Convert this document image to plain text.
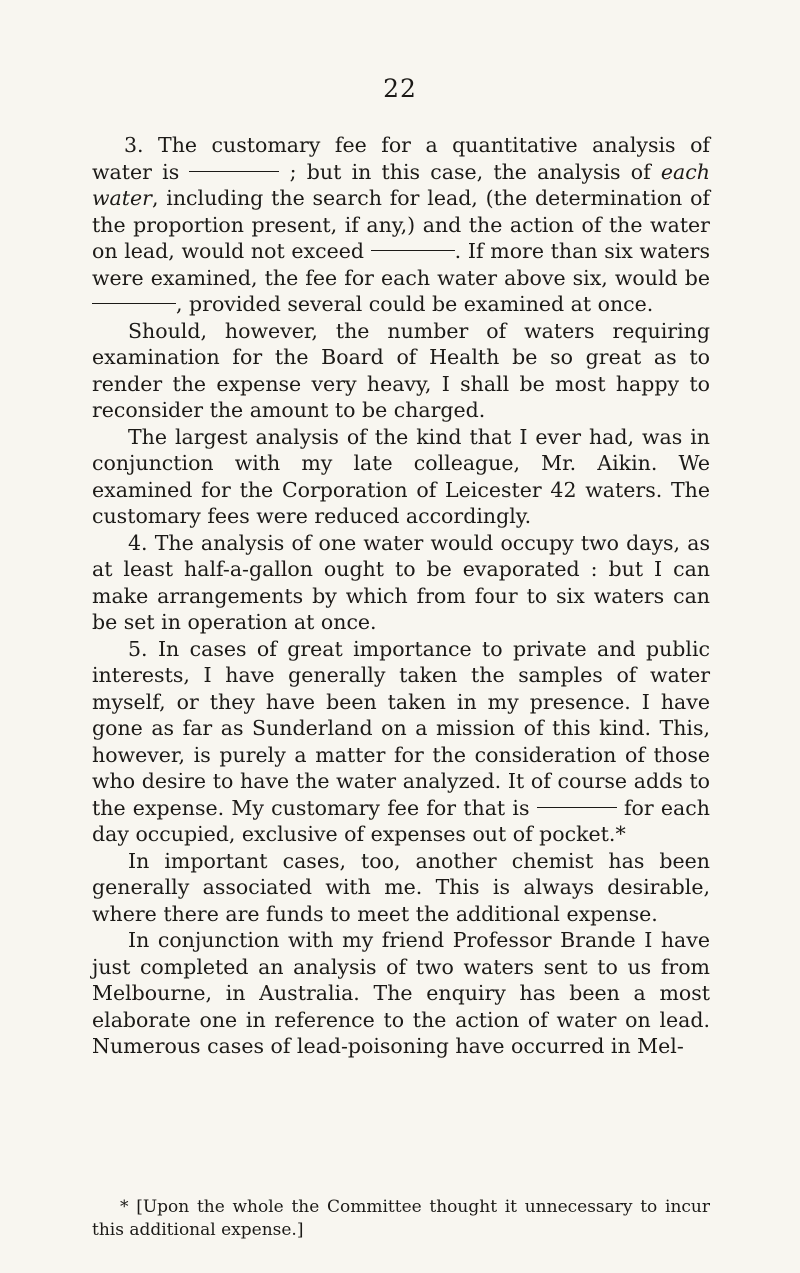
22

3. The customary fee for a quantitative analysis of water is	; but in this case, the analysis of each water, including the search for lead, (the determination of the proportion present, if any,) and the action of the water on lead, would not exceed	. If more than six waters were examined, the fee for each water above six, would be , provided several could be examined at once.

Should, however, the number of waters requiring examination for the Board of Health be so great as to render the expense very heavy, I shall be most happy to reconsider the amount to be charged.

The largest analysis of the kind that I ever had, was in conjunction with my late colleague, Mr. Aikin. We examined for the Corporation of Leicester 42 waters. The customary fees were reduced accordingly.

4. The analysis of one water would occupy two days, as at least half-a-gallon ought to be evaporated : but I can make arrangements by which from four to six waters can be set in operation at once.

5. In cases of great importance to private and public interests, I have generally taken the samples of water myself, or they have been taken in my presence. I have gone as far as Sunderland on a mission of this kind. This, however, is purely a matter for the consideration of those who desire to have the water analyzed. It of course adds to the expense. My customary fee for that is	for each day occupied, exclusive of expenses out of pocket.*

In important cases, too, another chemist has been generally associated with me. This is always desirable, where there are funds to meet the additional expense.

In conjunction with my friend Professor Brande I have just completed an analysis of two waters sent to us from Melbourne, in Australia. The enquiry has been a most elaborate one in reference to the action of water on lead. Numerous cases of lead-poisoning have occurred in Mel-

* [Upon the whole the Committee thought it unnecessary to incur this additional expense.]
